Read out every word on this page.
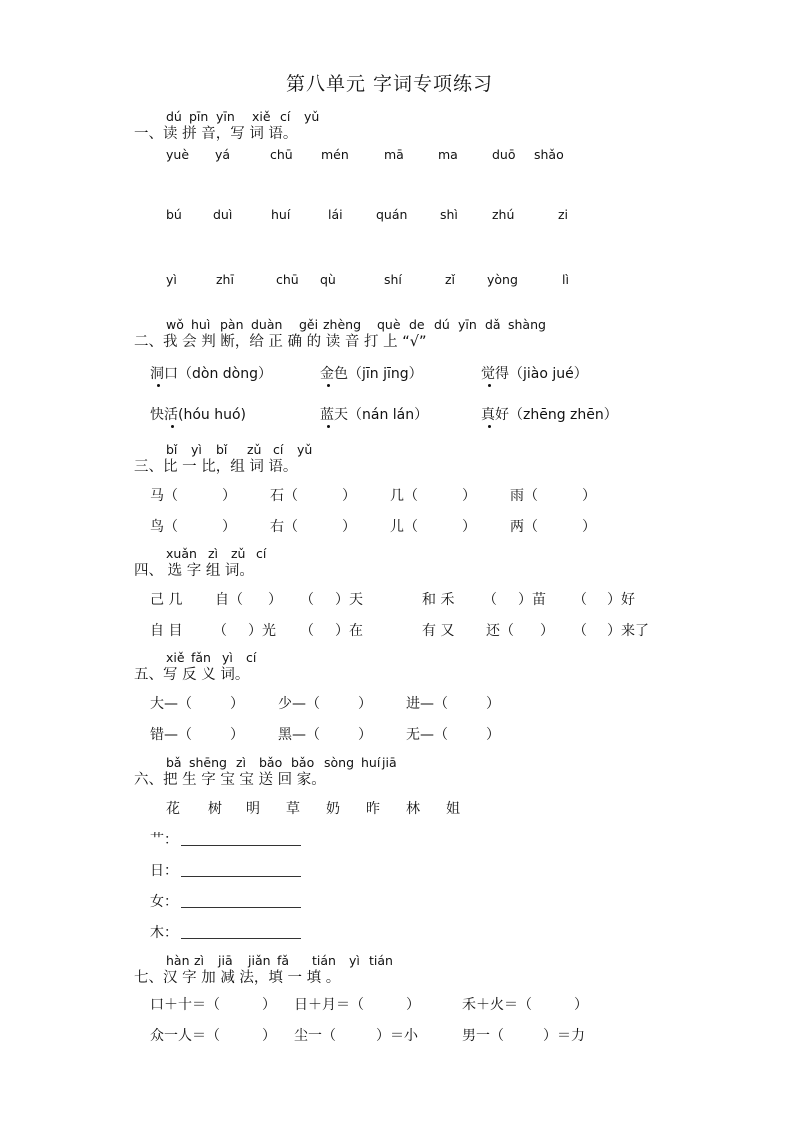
第八单元 字词专项练习
dú pīn yīn xiě cí yǔ
一、读 拼 音，写 词 语。
yuè yá	chū mén	mā	ma	duō shǎo
bú duì	huí	lái	quán	shì	zhú	zi
yì	zhī	chū qù	shí	zǐ	yòng	lì
wǒ huì pàn duàn gěi zhèng què de dú yīn dǎ shàng
二、我 会 判 断，给 正 确 的 读 音 打 上 “√”
洞口（dòn dòng）	金色（jīn jīng）	觉得（jiào jué）
快活(hóu huó)	蓝天（nán lán）	真好（zhēng zhēn）
bǐ yì bǐ zǔ cí yǔ
三、比 一 比，组 词 语。
马（	） 石（	） 几（	） 雨（	）
鸟（	） 右（	） 儿（	） 两（	）
xuǎn zì zǔ cí
四、 选 字 组 词。
己 几 自（ ） （ ）天	和 禾 （ ）苗 （ ）好
自 目 （ ）光 （ ）在	有 又 还（ ） （ ）来了
xiě fǎn yì cí
五、写 反 义 词。
大—（	） 少—（	） 进—（	）
错—（	） 黑—（	） 无—（	）
bǎ shēng zì bǎo bǎo sòng huí jiā
六、把 生 字 宝 宝 送 回 家。
花 树 明 草 奶 昨 林 姐
艹：
日：
女：
木：
hàn zì jiā jiǎn fǎ tián yì tián
七、汉 字 加 减 法，填 一 填 。
口＋十＝（	） 日＋月＝（	）	禾＋火＝（	）
众一人＝（	） 尘一（	）＝小	男一（	）＝力
